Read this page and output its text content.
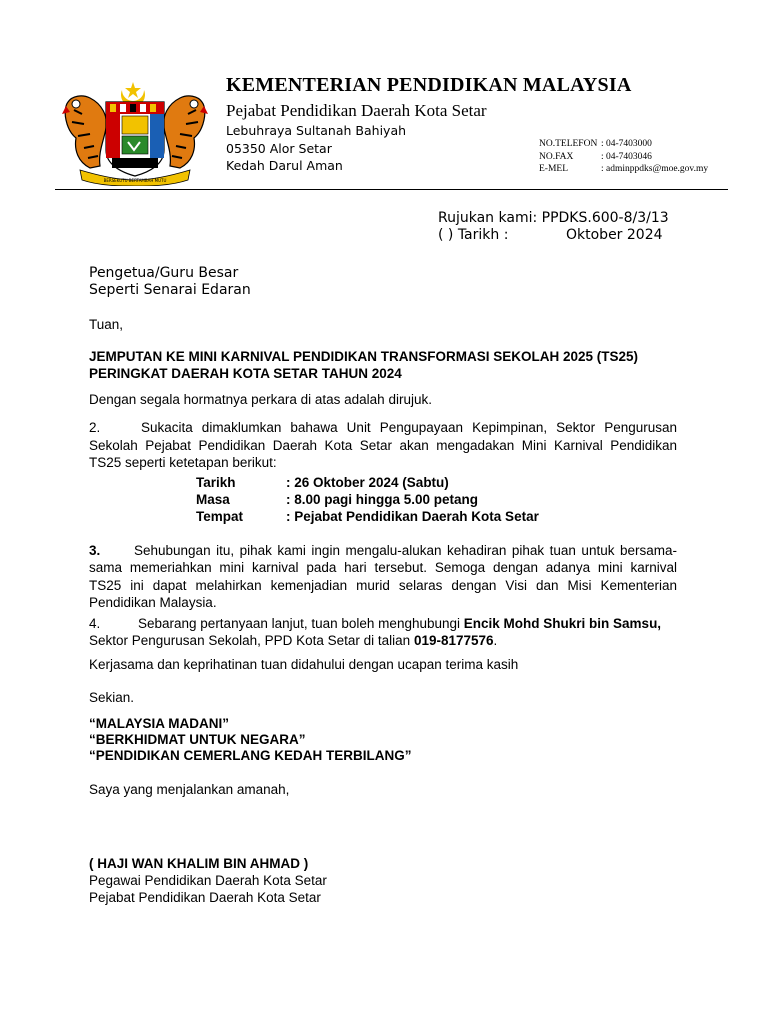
BERSEKUTU BERTAMBAH MUTU
KEMENTERIAN PENDIDIKAN MALAYSIA
Pejabat Pendidikan Daerah Kota Setar
Lebuhraya Sultanah Bahiyah
05350 Alor Setar
Kedah Darul Aman
NO.TELEFON : 04-7403000
NO.FAX	: 04-7403046
E-MEL	: adminppdks@moe.gov.my
Rujukan kami: PPDKS.600-8/3/13
( ) Tarikh :	Oktober 2024
Pengetua/Guru Besar
Seperti Senarai Edaran
Tuan,
JEMPUTAN KE MINI KARNIVAL PENDIDIKAN TRANSFORMASI SEKOLAH 2025 (TS25)
PERINGKAT DAERAH KOTA SETAR TAHUN 2024
Dengan segala hormatnya perkara di atas adalah dirujuk.
2.	Sukacita dimaklumkan bahawa Unit Pengupayaan Kepimpinan, Sektor Pengurusan
Sekolah Pejabat Pendidikan Daerah Kota Setar akan mengadakan Mini Karnival Pendidikan
TS25 seperti ketetapan berikut:
Tarikh	: 26 Oktober 2024 (Sabtu)
Masa	: 8.00 pagi hingga 5.00 petang
Tempat	: Pejabat Pendidikan Daerah Kota Setar
3. Sehubungan itu, pihak kami ingin mengalu-alukan kehadiran pihak tuan untuk bersama-
sama memeriahkan mini karnival pada hari tersebut. Semoga dengan adanya mini karnival
TS25 ini dapat melahirkan kemenjadian murid selaras dengan Visi dan Misi Kementerian
Pendidikan Malaysia.
4.	Sebarang pertanyaan lanjut, tuan boleh menghubungi Encik Mohd Shukri bin Samsu,
Sektor Pengurusan Sekolah, PPD Kota Setar di talian 019-8177576.
Kerjasama dan keprihatinan tuan didahului dengan ucapan terima kasih
Sekian.
“MALAYSIA MADANI”
“BERKHIDMAT UNTUK NEGARA”
“PENDIDIKAN CEMERLANG KEDAH TERBILANG”
Saya yang menjalankan amanah,
( HAJI WAN KHALIM BIN AHMAD )
Pegawai Pendidikan Daerah Kota Setar
Pejabat Pendidikan Daerah Kota Setar
